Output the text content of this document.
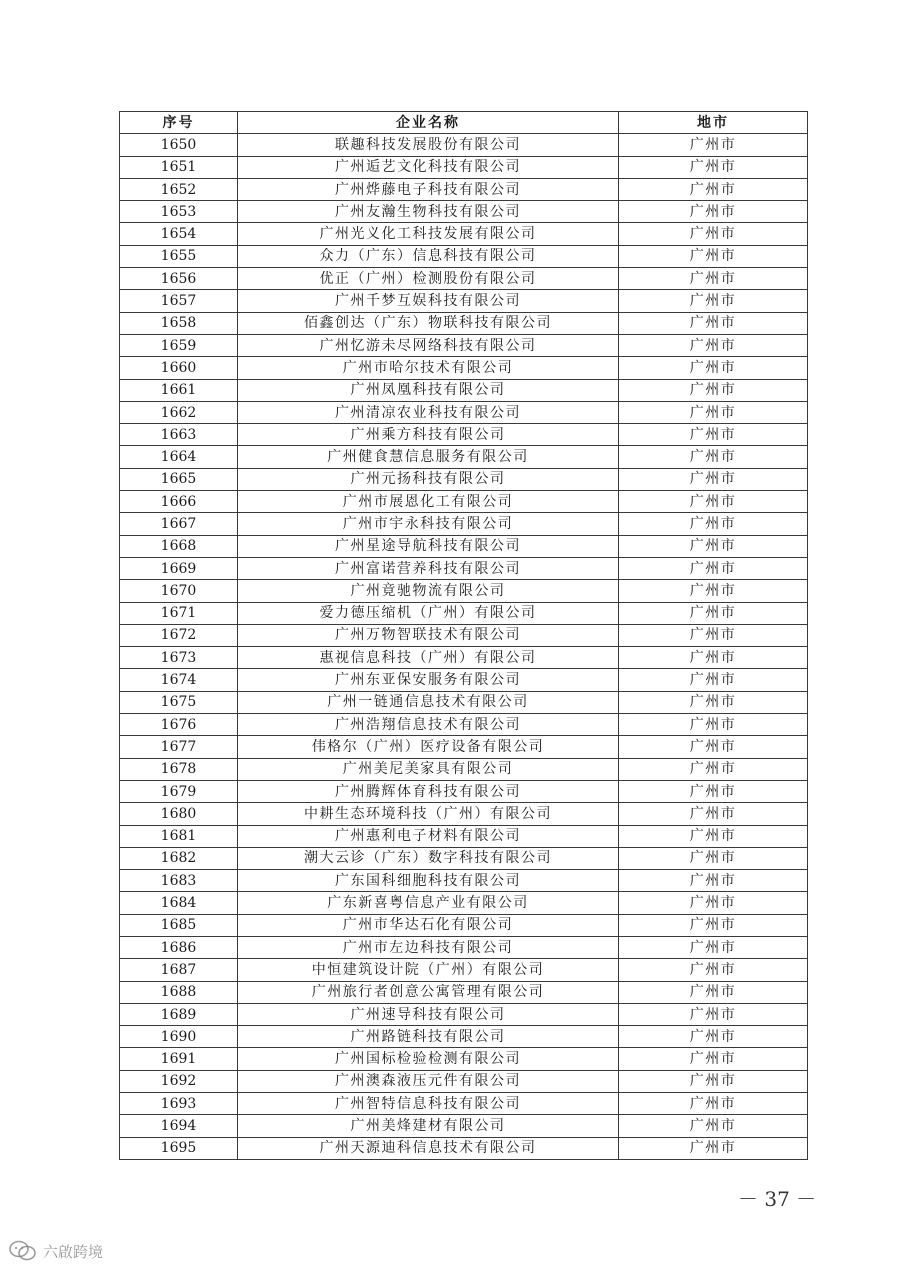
序号	企业名称	地市
1650	联趣科技发展股份有限公司	广州市
1651	广州逅艺文化科技有限公司	广州市
1652	广州烨藤电子科技有限公司	广州市
1653	广州友瀚生物科技有限公司	广州市
1654	广州光义化工科技发展有限公司	广州市
1655	众力（广东）信息科技有限公司	广州市
1656	优正（广州）检测股份有限公司	广州市
1657	广州千梦互娱科技有限公司	广州市
1658	佰鑫创达（广东）物联科技有限公司	广州市
1659	广州忆游未尽网络科技有限公司	广州市
1660	广州市哈尔技术有限公司	广州市
1661	广州凤凰科技有限公司	广州市
1662	广州清凉农业科技有限公司	广州市
1663	广州乘方科技有限公司	广州市
1664	广州健食慧信息服务有限公司	广州市
1665	广州元扬科技有限公司	广州市
1666	广州市展恩化工有限公司	广州市
1667	广州市宇永科技有限公司	广州市
1668	广州星途导航科技有限公司	广州市
1669	广州富诺营养科技有限公司	广州市
1670	广州竟驰物流有限公司	广州市
1671	爱力德压缩机（广州）有限公司	广州市
1672	广州万物智联技术有限公司	广州市
1673	惠视信息科技（广州）有限公司	广州市
1674	广州东亚保安服务有限公司	广州市
1675	广州一链通信息技术有限公司	广州市
1676	广州浩翔信息技术有限公司	广州市
1677	伟格尔（广州）医疗设备有限公司	广州市
1678	广州美尼美家具有限公司	广州市
1679	广州腾辉体育科技有限公司	广州市
1680	中耕生态环境科技（广州）有限公司	广州市
1681	广州惠利电子材料有限公司	广州市
1682	潮大云诊（广东）数字科技有限公司	广州市
1683	广东国科细胞科技有限公司	广州市
1684	广东新喜粤信息产业有限公司	广州市
1685	广州市华达石化有限公司	广州市
1686	广州市左边科技有限公司	广州市
1687	中恒建筑设计院（广州）有限公司	广州市
1688	广州旅行者创意公寓管理有限公司	广州市
1689	广州速导科技有限公司	广州市
1690	广州路链科技有限公司	广州市
1691	广州国标检验检测有限公司	广州市
1692	广州澳森液压元件有限公司	广州市
1693	广州智特信息科技有限公司	广州市
1694	广州美烽建材有限公司	广州市
1695	广州天源迪科信息技术有限公司	广州市
－ 37 －
六啟跨境
